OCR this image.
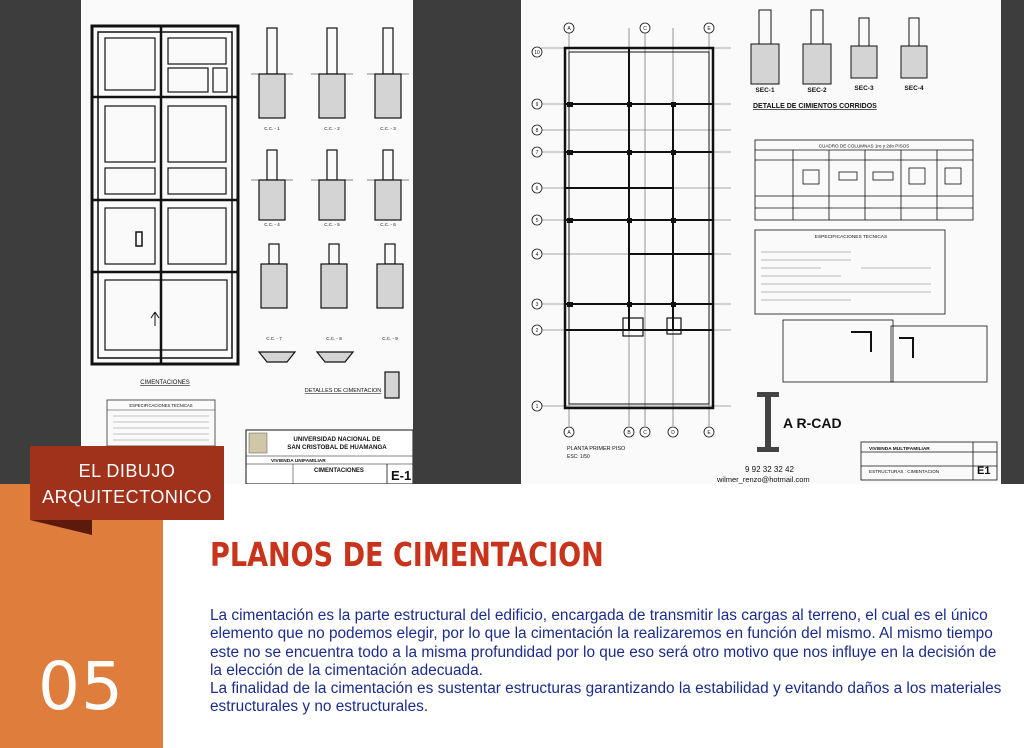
CIMENTACIONES
C.C. - 1	C.C. - 2	C.C. - 3
C.C. - 4	C.C. - 5	C.C. - 6
C.C. - 7	C.C. - 8	C.C. - 9
DETALLES DE CIMENTACION
ESPECIFICACIONES TECNICAS
UNIVERSIDAD NACIONAL DE
SAN CRISTOBAL DE HUAMANGA
VIVIENDA UNIFAMILIAR
CIMENTACIONES E-1
10
9
8
7
6
5
4
3
2
1
A	C	E
A	B	C	D	E
PLANTA PRIMER PISO
ESC: 1/50
SEC-1	SEC-2	SEC-3	SEC-4
DETALLE DE CIMIENTOS CORRIDOS
CUADRO DE COLUMNAS 1ro y 2do PISOS
ESPECIFICACIONES TECNICAS
A R-CAD
9 92 32 32 42
wilmer_renzo@hotmail.com
VIVIENDA MULTIFAMILIAR
ESTRUCTURAS : CIMENTACION	E1
05
EL DIBUJO
ARQUITECTONICO
PLANOS DE CIMENTACION

La cimentación es la parte estructural del edificio, encargada de transmitir las cargas al terreno, el cual es el único elemento que no podemos elegir, por lo que la cimentación la realizaremos en función del mismo. Al mismo tiempo este no se encuentra todo a la misma profundidad por lo que eso será otro motivo que nos influye en la decisión de la elección de la cimentación adecuada.

La finalidad de la cimentación es sustentar estructuras garantizando la estabilidad y evitando daños a los materiales estructurales y no estructurales.
